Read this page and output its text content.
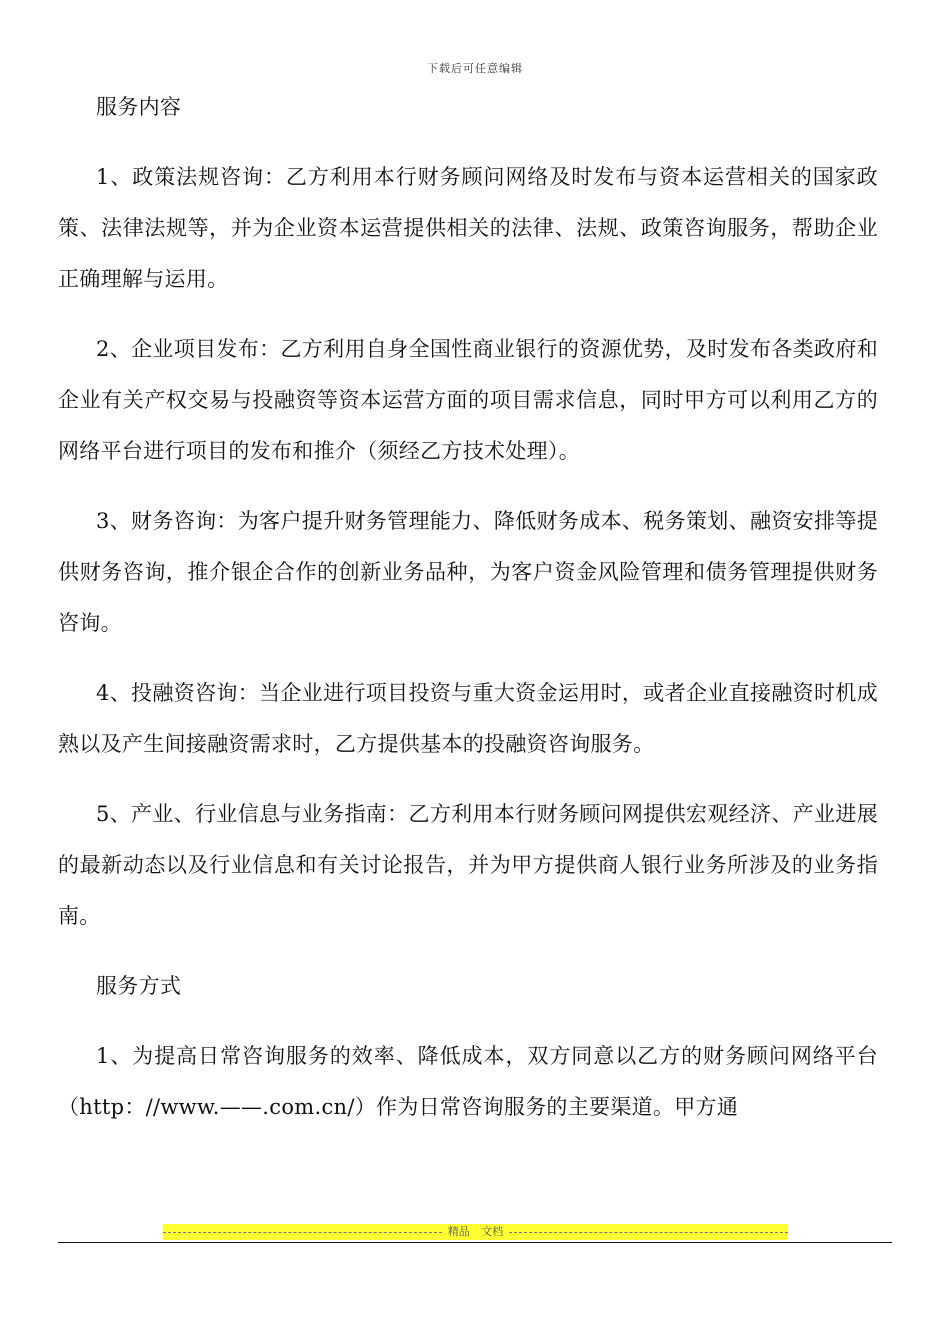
下载后可任意编辑

服务内容

1、政策法规咨询：乙方利用本行财务顾问网络及时发布与资本运营相关的国家政策、法律法规等，并为企业资本运营提供相关的法律、法规、政策咨询服务，帮助企业正确理解与运用。

2、企业项目发布：乙方利用自身全国性商业银行的资源优势，及时发布各类政府和企业有关产权交易与投融资等资本运营方面的项目需求信息，同时甲方可以利用乙方的网络平台进行项目的发布和推介（须经乙方技术处理）。

3、财务咨询：为客户提升财务管理能力、降低财务成本、税务策划、融资安排等提供财务咨询，推介银企合作的创新业务品种，为客户资金风险管理和债务管理提供财务咨询。

4、投融资咨询：当企业进行项目投资与重大资金运用时，或者企业直接融资时机成熟以及产生间接融资需求时，乙方提供基本的投融资咨询服务。

5、产业、行业信息与业务指南：乙方利用本行财务顾问网提供宏观经济、产业进展的最新动态以及行业信息和有关讨论报告，并为甲方提供商人银行业务所涉及的业务指南。

服务方式

1、为提高日常咨询服务的效率、降低成本，双方同意以乙方的财务顾问网络平台（http：//www.——.com.cn/）作为日常咨询服务的主要渠道。甲方通

精品 文档
